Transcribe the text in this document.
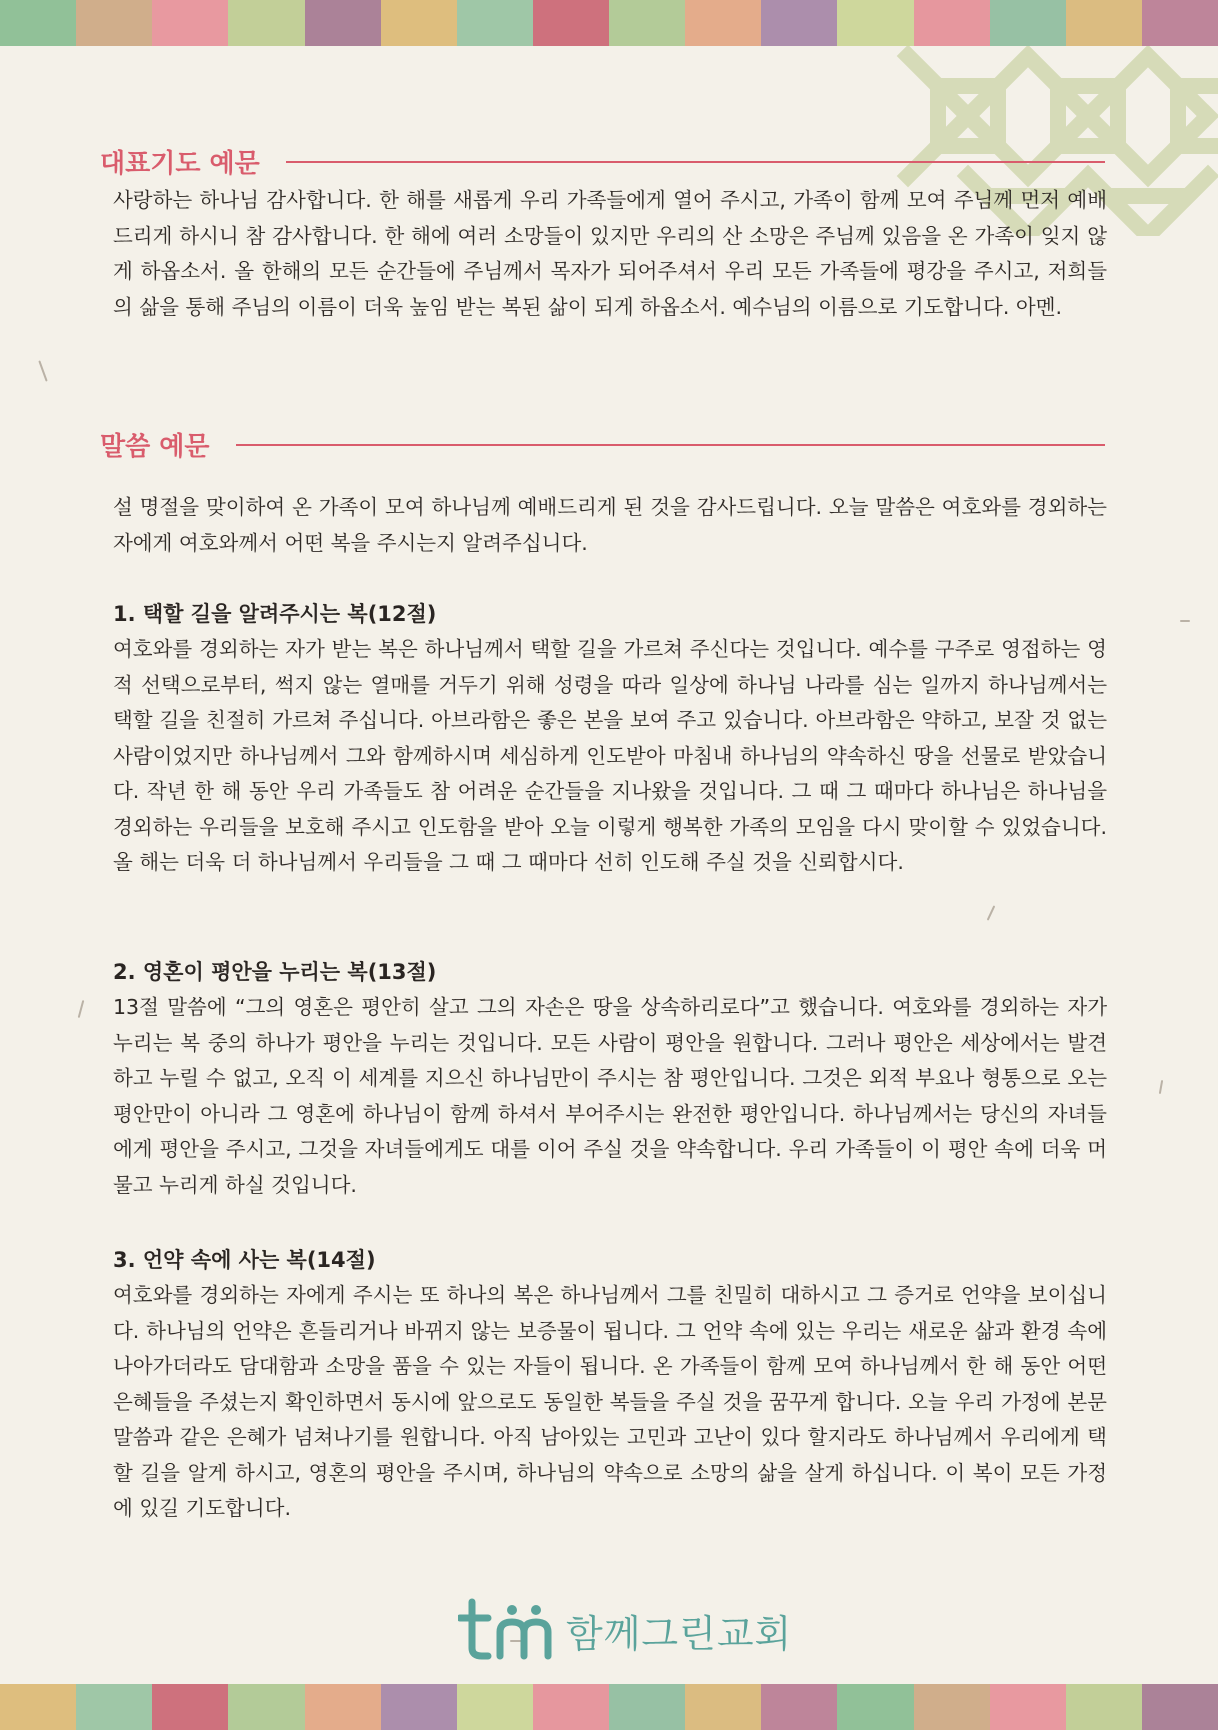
대표기도 예문

사랑하는 하나님 감사합니다. 한 해를 새롭게 우리 가족들에게 열어 주시고, 가족이 함께 모여 주님께 먼저 예배 드리게 하시니 참 감사합니다. 한 해에 여러 소망들이 있지만 우리의 산 소망은 주님께 있음을 온 가족이 잊지 않게 하옵소서. 올 한해의 모든 순간들에 주님께서 목자가 되어주셔서 우리 모든 가족들에 평강을 주시고, 저희들의 삶을 통해 주님의 이름이 더욱 높임 받는 복된 삶이 되게 하옵소서. 예수님의 이름으로 기도합니다. 아멘.

말씀 예문

설 명절을 맞이하여 온 가족이 모여 하나님께 예배드리게 된 것을 감사드립니다. 오늘 말씀은 여호와를 경외하는 자에게 여호와께서 어떤 복을 주시는지 알려주십니다.

1. 택할 길을 알려주시는 복(12절)

여호와를 경외하는 자가 받는 복은 하나님께서 택할 길을 가르쳐 주신다는 것입니다. 예수를 구주로 영접하는 영적 선택으로부터, 썩지 않는 열매를 거두기 위해 성령을 따라 일상에 하나님 나라를 심는 일까지 하나님께서는 택할 길을 친절히 가르쳐 주십니다. 아브라함은 좋은 본을 보여 주고 있습니다. 아브라함은 약하고, 보잘 것 없는 사람이었지만 하나님께서 그와 함께하시며 세심하게 인도받아 마침내 하나님의 약속하신 땅을 선물로 받았습니다. 작년 한 해 동안 우리 가족들도 참 어려운 순간들을 지나왔을 것입니다. 그 때 그 때마다 하나님은 하나님을 경외하는 우리들을 보호해 주시고 인도함을 받아 오늘 이렇게 행복한 가족의 모임을 다시 맞이할 수 있었습니다. 올 해는 더욱 더 하나님께서 우리들을 그 때 그 때마다 선히 인도해 주실 것을 신뢰합시다.

2. 영혼이 평안을 누리는 복(13절)

13절 말씀에 “그의 영혼은 평안히 살고 그의 자손은 땅을 상속하리로다”고 했습니다. 여호와를 경외하는 자가 누리는 복 중의 하나가 평안을 누리는 것입니다. 모든 사람이 평안을 원합니다. 그러나 평안은 세상에서는 발견하고 누릴 수 없고, 오직 이 세계를 지으신 하나님만이 주시는 참 평안입니다. 그것은 외적 부요나 형통으로 오는 평안만이 아니라 그 영혼에 하나님이 함께 하셔서 부어주시는 완전한 평안입니다. 하나님께서는 당신의 자녀들에게 평안을 주시고, 그것을 자녀들에게도 대를 이어 주실 것을 약속합니다. 우리 가족들이 이 평안 속에 더욱 머물고 누리게 하실 것입니다.

3. 언약 속에 사는 복(14절)

여호와를 경외하는 자에게 주시는 또 하나의 복은 하나님께서 그를 친밀히 대하시고 그 증거로 언약을 보이십니다. 하나님의 언약은 흔들리거나 바뀌지 않는 보증물이 됩니다. 그 언약 속에 있는 우리는 새로운 삶과 환경 속에 나아가더라도 담대함과 소망을 품을 수 있는 자들이 됩니다. 온 가족들이 함께 모여 하나님께서 한 해 동안 어떤 은혜들을 주셨는지 확인하면서 동시에 앞으로도 동일한 복들을 주실 것을 꿈꾸게 합니다. 오늘 우리 가정에 본문 말씀과 같은 은혜가 넘쳐나기를 원합니다. 아직 남아있는 고민과 고난이 있다 할지라도 하나님께서 우리에게 택할 길을 알게 하시고, 영혼의 평안을 주시며, 하나님의 약속으로 소망의 삶을 살게 하십니다. 이 복이 모든 가정에 있길 기도합니다.

함께그린교회
